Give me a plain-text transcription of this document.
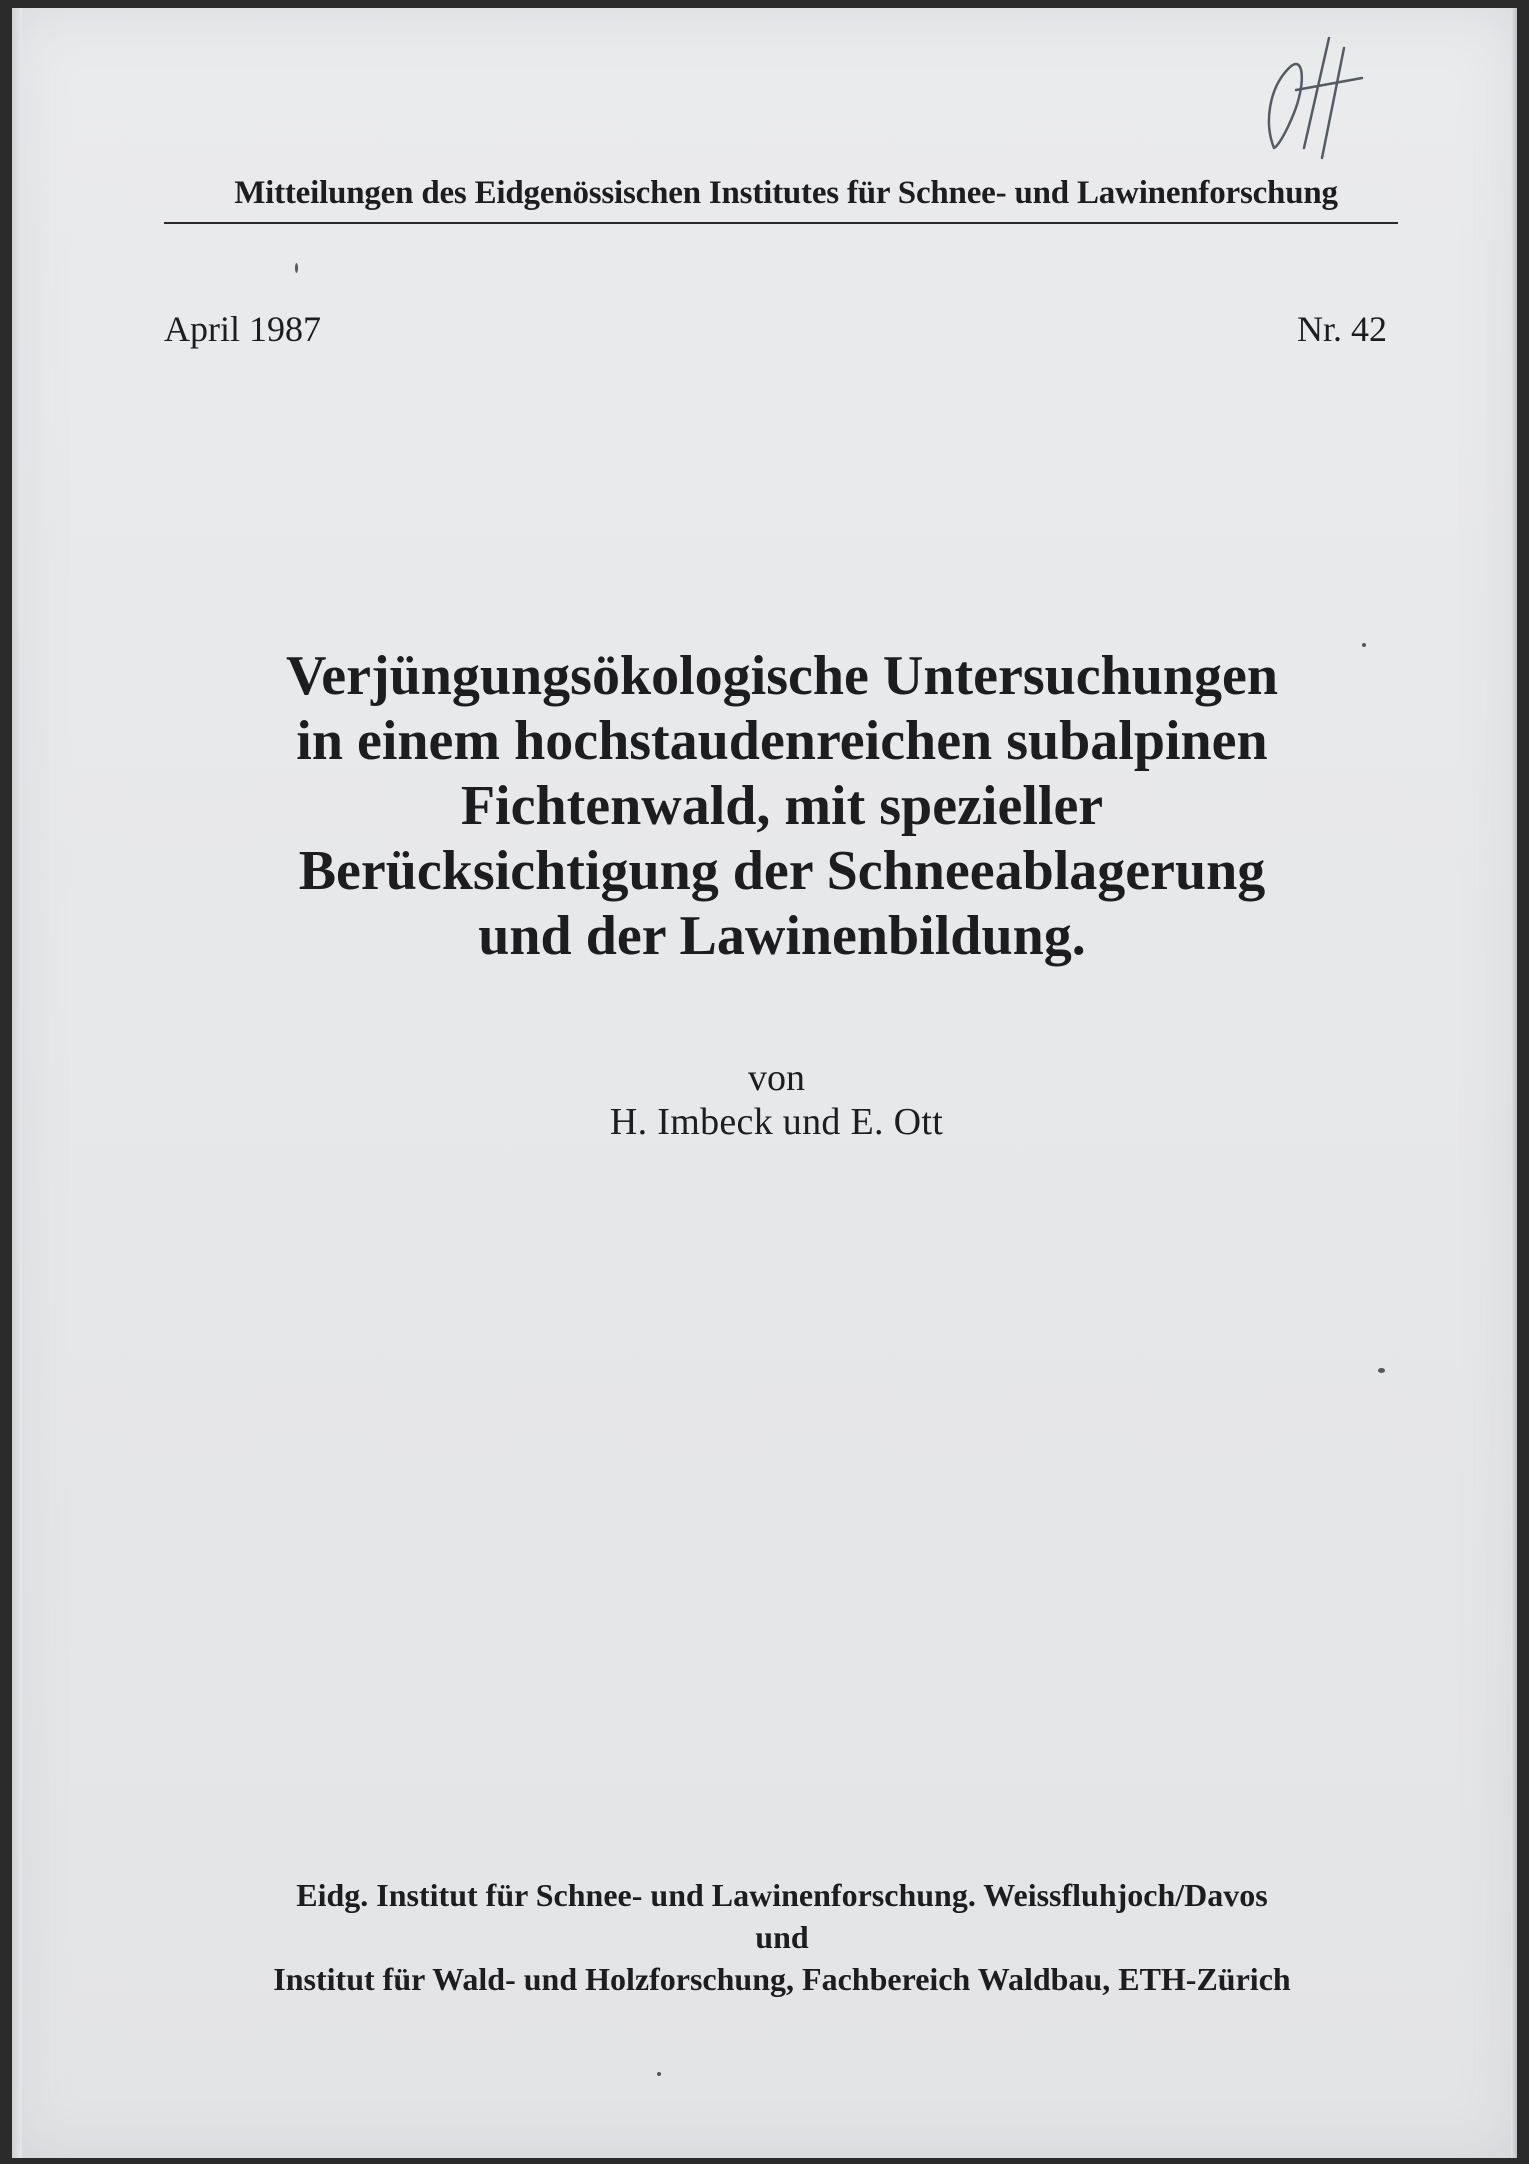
Mitteilungen des Eidgenössischen Institutes für Schnee- und Lawinenforschung
April 1987	Nr. 42
Verjüngungsökologische Untersuchungen
in einem hochstaudenreichen subalpinen
Fichtenwald, mit spezieller
Berücksichtigung der Schneeablagerung
und der Lawinenbildung.
von
H. Imbeck und E. Ott
Eidg. Institut für Schnee- und Lawinenforschung. Weissfluhjoch/Davos
und
Institut für Wald- und Holzforschung, Fachbereich Waldbau, ETH-Zürich
